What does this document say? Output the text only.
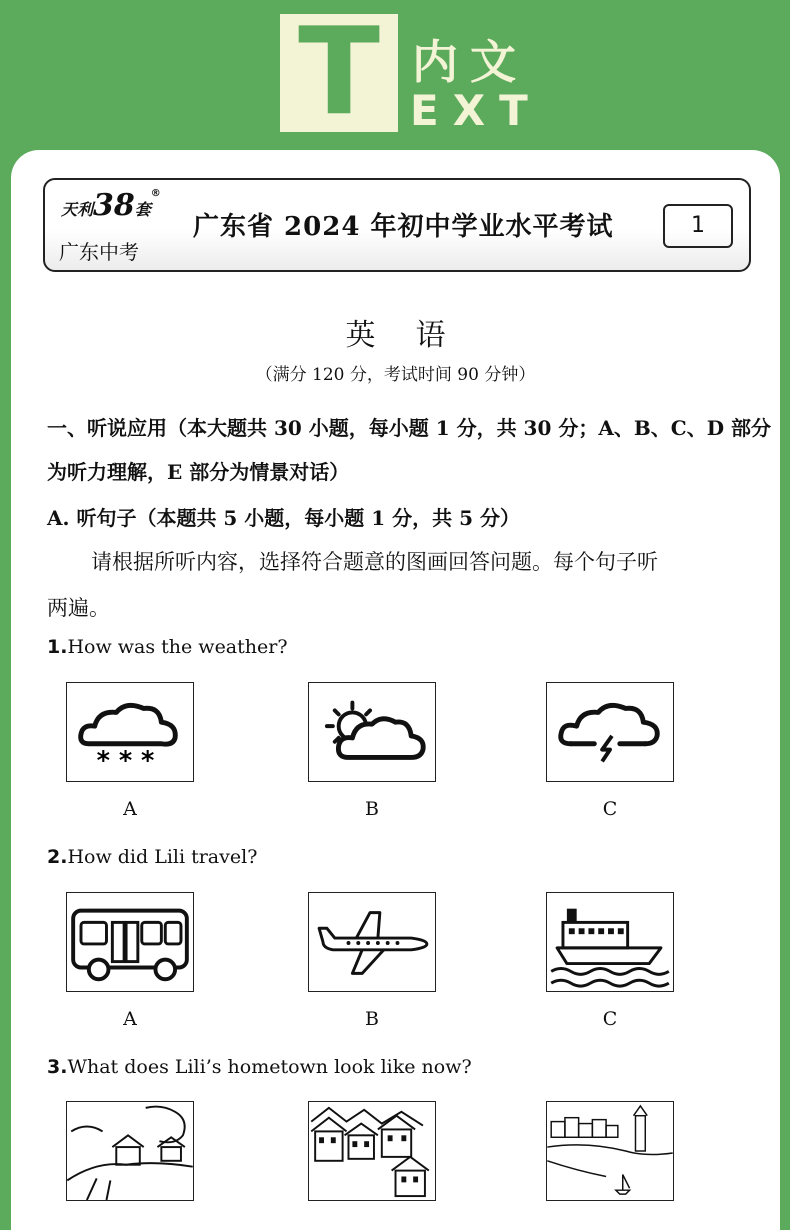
T 内文
EXT
天利38套®
广东中考
广东省 2024 年初中学业水平考试	1
英语
（满分 120 分，考试时间 90 分钟）
一、听说应用（本大题共 30 小题，每小题 1 分，共 30 分；A、B、C、D 部分
为听力理解，E 部分为情景对话）
A. 听句子（本题共 5 小题，每小题 1 分，共 5 分）
请根据所听内容，选择符合题意的图画回答问题。每个句子听
两遍。
1.How was the weather?
* * *
A	B	C
2.How did Lili travel?
A	B	C
3.What does Lili’s hometown look like now?
